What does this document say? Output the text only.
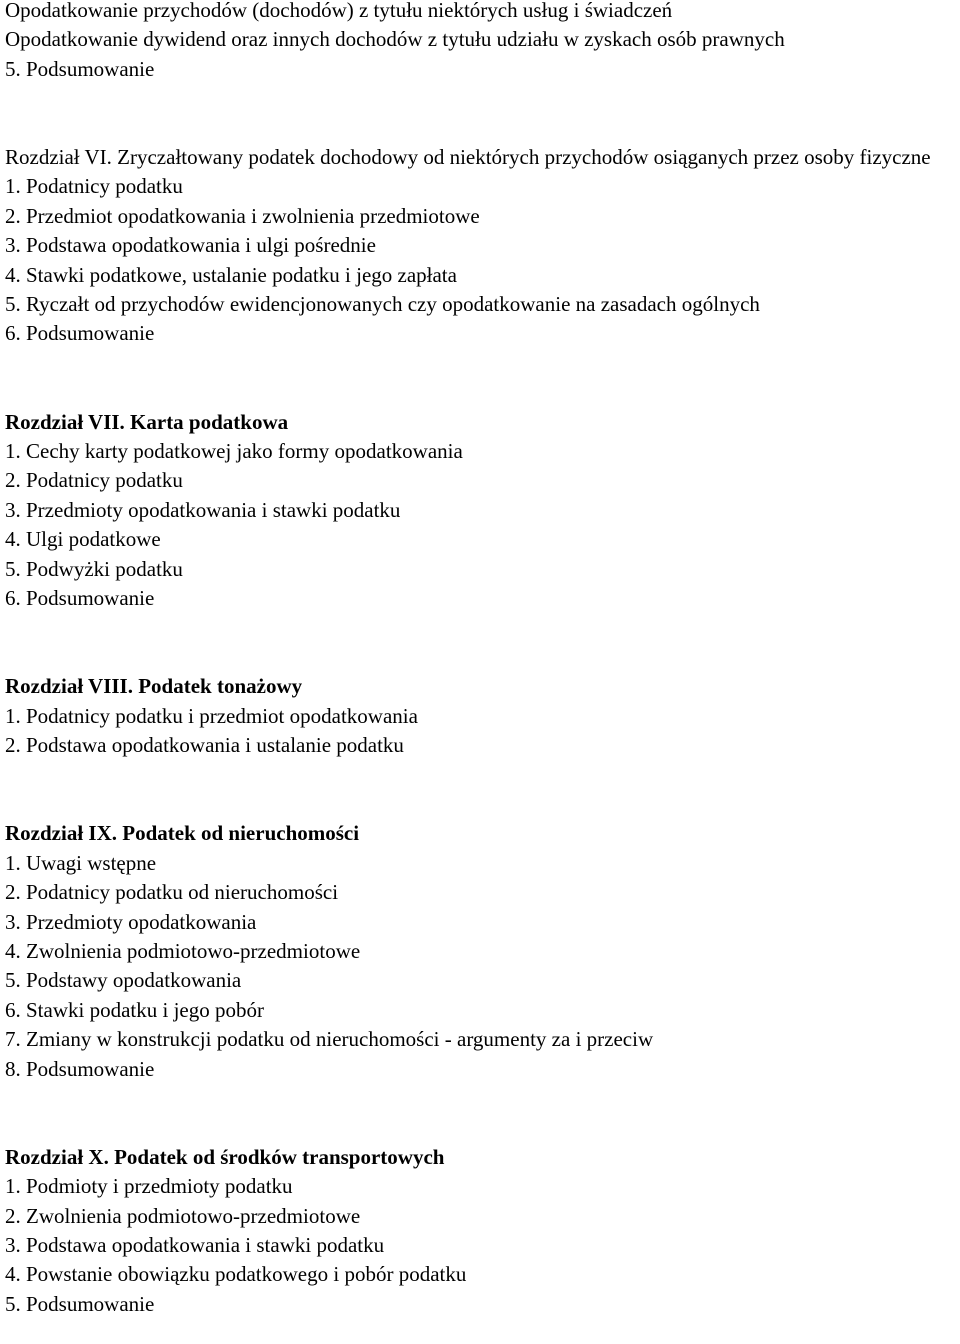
Opodatkowanie przychodów (dochodów) z tytułu niektórych usług i świadczeń
Opodatkowanie dywidend oraz innych dochodów z tytułu udziału w zyskach osób prawnych
5. Podsumowanie
Rozdział VI. Zryczałtowany podatek dochodowy od niektórych przychodów osiąganych przez osoby fizyczne
1. Podatnicy podatku
2. Przedmiot opodatkowania i zwolnienia przedmiotowe
3. Podstawa opodatkowania i ulgi pośrednie
4. Stawki podatkowe, ustalanie podatku i jego zapłata
5. Ryczałt od przychodów ewidencjonowanych czy opodatkowanie na zasadach ogólnych
6. Podsumowanie
Rozdział VII. Karta podatkowa
1. Cechy karty podatkowej jako formy opodatkowania
2. Podatnicy podatku
3. Przedmioty opodatkowania i stawki podatku
4. Ulgi podatkowe
5. Podwyżki podatku
6. Podsumowanie
Rozdział VIII. Podatek tonażowy
1. Podatnicy podatku i przedmiot opodatkowania
2. Podstawa opodatkowania i ustalanie podatku
Rozdział IX. Podatek od nieruchomości
1. Uwagi wstępne
2. Podatnicy podatku od nieruchomości
3. Przedmioty opodatkowania
4. Zwolnienia podmiotowo-przedmiotowe
5. Podstawy opodatkowania
6. Stawki podatku i jego pobór
7. Zmiany w konstrukcji podatku od nieruchomości - argumenty za i przeciw
8. Podsumowanie
Rozdział X. Podatek od środków transportowych
1. Podmioty i przedmioty podatku
2. Zwolnienia podmiotowo-przedmiotowe
3. Podstawa opodatkowania i stawki podatku
4. Powstanie obowiązku podatkowego i pobór podatku
5. Podsumowanie
